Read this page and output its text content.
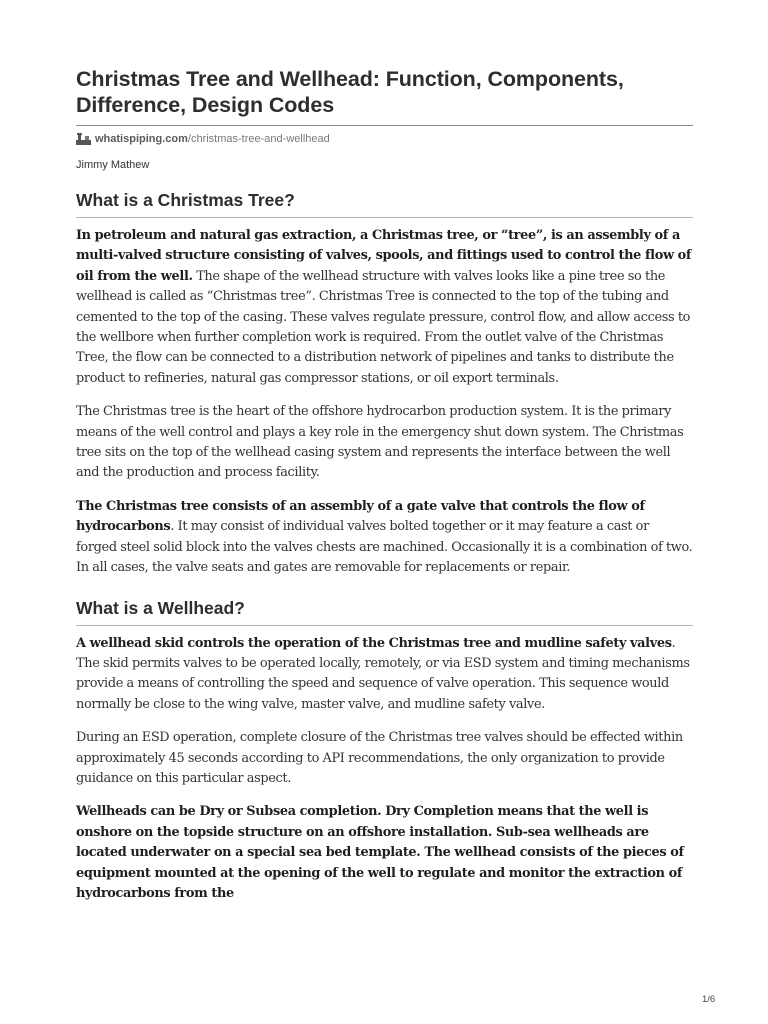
Christmas Tree and Wellhead: Function, Components, Difference, Design Codes
whatispiping.com /christmas-tree-and-wellhead
Jimmy Mathew
What is a Christmas Tree?

In petroleum and natural gas extraction, a Christmas tree, or “tree”, is an assembly of a multi-valved structure consisting of valves, spools, and fittings used to control the flow of oil from the well. The shape of the wellhead structure with valves looks like a pine tree so the wellhead is called as “Christmas tree”. Christmas Tree is connected to the top of the tubing and cemented to the top of the casing. These valves regulate pressure, control flow, and allow access to the wellbore when further completion work is required. From the outlet valve of the Christmas Tree, the flow can be connected to a distribution network of pipelines and tanks to distribute the product to refineries, natural gas compressor stations, or oil export terminals.

The Christmas tree is the heart of the offshore hydrocarbon production system. It is the primary means of the well control and plays a key role in the emergency shut down system. The Christmas tree sits on the top of the wellhead casing system and represents the interface between the well and the production and process facility.

The Christmas tree consists of an assembly of a gate valve that controls the flow of hydrocarbons. It may consist of individual valves bolted together or it may feature a cast or forged steel solid block into the valves chests are machined. Occasionally it is a combination of two. In all cases, the valve seats and gates are removable for replacements or repair.

What is a Wellhead?

A wellhead skid controls the operation of the Christmas tree and mudline safety valves. The skid permits valves to be operated locally, remotely, or via ESD system and timing mechanisms provide a means of controlling the speed and sequence of valve operation. This sequence would normally be close to the wing valve, master valve, and mudline safety valve.

During an ESD operation, complete closure of the Christmas tree valves should be effected within approximately 45 seconds according to API recommendations, the only organization to provide guidance on this particular aspect.

Wellheads can be Dry or Subsea completion. Dry Completion means that the well is onshore on the topside structure on an offshore installation. Sub-sea wellheads are located underwater on a special sea bed template. The wellhead consists of the pieces of equipment mounted at the opening of the well to regulate and monitor the extraction of hydrocarbons from the

1/6
